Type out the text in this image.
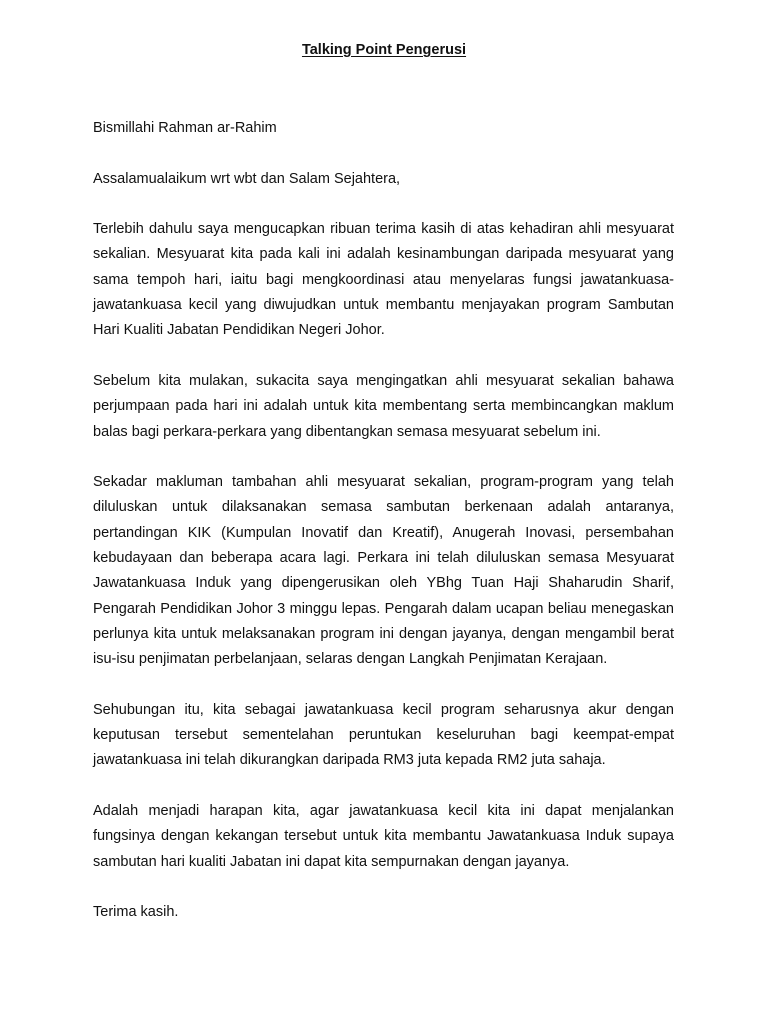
Talking Point Pengerusi

Bismillahi Rahman ar-Rahim

Assalamualaikum wrt wbt dan Salam Sejahtera,

Terlebih dahulu saya mengucapkan ribuan terima kasih di atas kehadiran ahli mesyuarat sekalian. Mesyuarat kita pada kali ini adalah kesinambungan daripada mesyuarat yang sama tempoh hari, iaitu bagi mengkoordinasi atau menyelaras fungsi jawatankuasa-jawatankuasa kecil yang diwujudkan untuk membantu menjayakan program Sambutan Hari Kualiti Jabatan Pendidikan Negeri Johor.

Sebelum kita mulakan, sukacita saya mengingatkan ahli mesyuarat sekalian bahawa perjumpaan pada hari ini adalah untuk kita membentang serta membincangkan maklum balas bagi perkara-perkara yang dibentangkan semasa mesyuarat sebelum ini.

Sekadar makluman tambahan ahli mesyuarat sekalian, program-program yang telah diluluskan untuk dilaksanakan semasa sambutan berkenaan adalah antaranya, pertandingan KIK (Kumpulan Inovatif dan Kreatif), Anugerah Inovasi, persembahan kebudayaan dan beberapa acara lagi. Perkara ini telah diluluskan semasa Mesyuarat Jawatankuasa Induk yang dipengerusikan oleh YBhg Tuan Haji Shaharudin Sharif, Pengarah Pendidikan Johor 3 minggu lepas. Pengarah dalam ucapan beliau menegaskan perlunya kita untuk melaksanakan program ini dengan jayanya, dengan mengambil berat isu-isu penjimatan perbelanjaan, selaras dengan Langkah Penjimatan Kerajaan.

Sehubungan itu, kita sebagai jawatankuasa kecil program seharusnya akur dengan keputusan tersebut sementelahan peruntukan keseluruhan bagi keempat-empat jawatankuasa ini telah dikurangkan daripada RM3 juta kepada RM2 juta sahaja.

Adalah menjadi harapan kita, agar jawatankuasa kecil kita ini dapat menjalankan fungsinya dengan kekangan tersebut untuk kita membantu Jawatankuasa Induk supaya sambutan hari kualiti Jabatan ini dapat kita sempurnakan dengan jayanya.

Terima kasih.
